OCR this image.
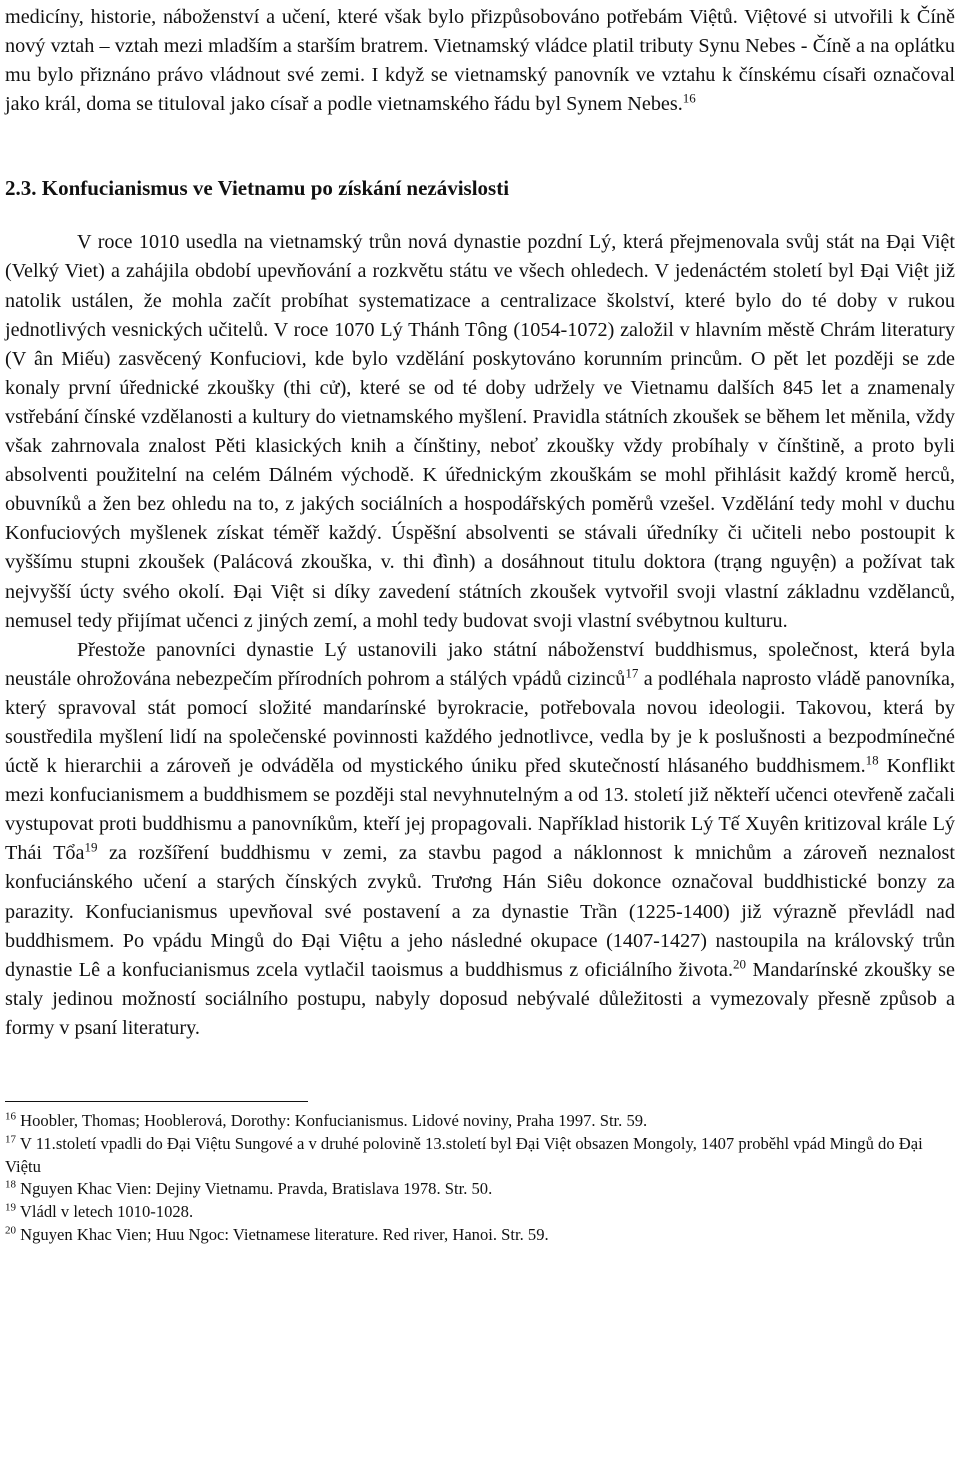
medicíny, historie, náboženství a učení, které však bylo přizpůsobováno potřebám Việtů. Việtové si utvořili k Číně nový vztah – vztah mezi mladším a starším bratrem. Vietnamský vládce platil tributy Synu Nebes - Číně a na oplátku mu bylo přiznáno právo vládnout své zemi. I když se vietnamský panovník ve vztahu k čínskému císaři označoval jako král, doma se tituloval jako císař a podle vietnamského řádu byl Synem Nebes.$^{16}$

2.3. Konfucianismus ve Vietnamu po získání nezávislosti

V roce 1010 usedla na vietnamský trůn nová dynastie pozdní Lý, která přejmenovala svůj stát na Đại Việt (Velký Viet) a zahájila období upevňování a rozkvětu státu ve všech ohledech. V jedenáctém století byl Đại Việt již natolik ustálen, že mohla začít probíhat systematizace a centralizace školství, které bylo do té doby v rukou jednotlivých vesnických učitelů. V roce 1070 Lý Thánh Tông (1054-1072) založil v hlavním městě Chrám literatury (V ân Miếu) zasvěcený Konfuciovi, kde bylo vzdělání poskytováno korunním princům. O pět let později se zde konaly první úřednické zkoušky (thi cử), které se od té doby udržely ve Vietnamu dalších 845 let a znamenaly vstřebání čínské vzdělanosti a kultury do vietnamského myšlení. Pravidla státních zkoušek se během let měnila, vždy však zahrnovala znalost Pěti klasických knih a čínštiny, neboť zkoušky vždy probíhaly v čínštině, a proto byli absolventi použitelní na celém Dálném východě. K úřednickým zkouškám se mohl přihlásit každý kromě herců, obuvníků a žen bez ohledu na to, z jakých sociálních a hospodářských poměrů vzešel. Vzdělání tedy mohl v duchu Konfuciových myšlenek získat téměř každý. Úspěšní absolventi se stávali úředníky či učiteli nebo postoupit k vyššímu stupni zkoušek (Palácová zkouška, v. thi đình) a dosáhnout titulu doktora (trạng nguyện) a požívat tak nejvyšší úcty svého okolí. Đại Việt si díky zavedení státních zkoušek vytvořil svoji vlastní základnu vzdělanců, nemusel tedy přijímat učenci z jiných zemí, a mohl tedy budovat svoji vlastní svébytnou kulturu.

Přestože panovníci dynastie Lý ustanovili jako státní náboženství buddhismus, společnost, která byla neustále ohrožována nebezpečím přírodních pohrom a stálých vpádů cizinců$^{17}$ a podléhala naprosto vládě panovníka, který spravoval stát pomocí složité mandarínské byrokracie, potřebovala novou ideologii. Takovou, která by soustředila myšlení lidí na společenské povinnosti každého jednotlivce, vedla by je k poslušnosti a bezpodmínečné úctě k hierarchii a zároveň je odváděla od mystického úniku před skutečností hlásaného buddhismem.$^{18}$ Konflikt mezi konfucianismem a buddhismem se později stal nevyhnutelným a od 13. století již někteří učenci otevřeně začali vystupovat proti buddhismu a panovníkům, kteří jej propagovali. Například historik Lý Tế Xuyên kritizoval krále Lý Thái Tổa$^{19}$ za rozšíření buddhismu v zemi, za stavbu pagod a náklonnost k mnichům a zároveň neznalost konfuciánského učení a starých čínských zvyků. Trương Hán Siêu dokonce označoval buddhistické bonzy za parazity. Konfucianismus upevňoval své postavení a za dynastie Trần (1225-1400) již výrazně převládl nad buddhismem. Po vpádu Mingů do Đại Việtu a jeho následné okupace (1407-1427) nastoupila na královský trůn dynastie Lê a konfucianismus zcela vytlačil taoismus a buddhismus z oficiálního života.$^{20}$ Mandarínské zkoušky se staly jedinou možností sociálního postupu, nabyly doposud nebývalé důležitosti a vymezovaly přesně způsob a formy v psaní literatury.

$^{16}$ Hoobler, Thomas; Hooblerová, Dorothy: Konfucianismus. Lidové noviny, Praha 1997. Str. 59.

$^{17}$ V 11.století vpadli do Đại Việtu Sungové a v druhé polovině 13.století byl Đại Việt obsazen Mongoly, 1407 proběhl vpád Mingů do Đại Việtu

$^{18}$ Nguyen Khac Vien: Dejiny Vietnamu. Pravda, Bratislava 1978. Str. 50.

$^{19}$ Vládl v letech 1010-1028.

$^{20}$ Nguyen Khac Vien; Huu Ngoc: Vietnamese literature. Red river, Hanoi. Str. 59.
